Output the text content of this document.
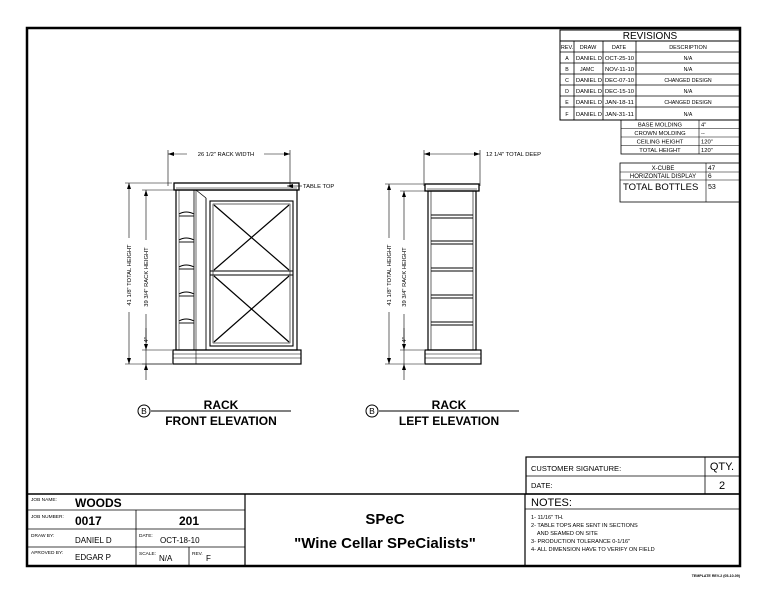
REVISIONS
REV. DRAW	DATE	DESCRIPTION
A DANIEL D OCT-25-10	N/A
B JAMC NOV-11-10	N/A
C DANIEL D DEC-07-10	CHANGED DESIGN
D DANIEL D DEC-15-10	N/A
E DANIEL D JAN-18-11	CHANGED DESIGN
F DANIEL D JAN-31-11	N/A
BASE MOLDING	4"
CROWN MOLDING	--
CEILING HEIGHT	120"
TOTAL HEIGHT	120"
X-CUBE	47
HORIZONTAIL DISPLAY 6
TOTAL BOTTLES 53
26 1/2" RACK WIDTH
TABLE TOP
41 1/8" TOTAL HEIGHT 39 3/4" RACK HEIGHT
4"
B	RACK
FRONT ELEVATION
12 1/4" TOTAL DEEP
41 1/8" TOTAL HEIGHT 39 3/4" RACK HEIGHT
4"
B	RACK
LEFT ELEVATION
CUSTOMER SIGNATURE:	QTY.
DATE:	2
JOB NAME: WOODS
JOB NUMBER: 0017	201
DRAW BY:	DANIEL D	DATE: OCT-18-10
APROVED BY: EDGAR P	SCALE: N/A	REV. F
SPeC
"Wine Cellar SPeCialists"
NOTES:
1- 11/16" TH.
2- TABLE TOPS ARE SENT IN SECTIONS
AND SEAMED ON SITE
3- PRODUCTION TOLERANCE 0-1/16"
4- ALL DIMENSION HAVE TO VERIFY ON FIELD
TEMPLATE REV-2 (05-10-09)
